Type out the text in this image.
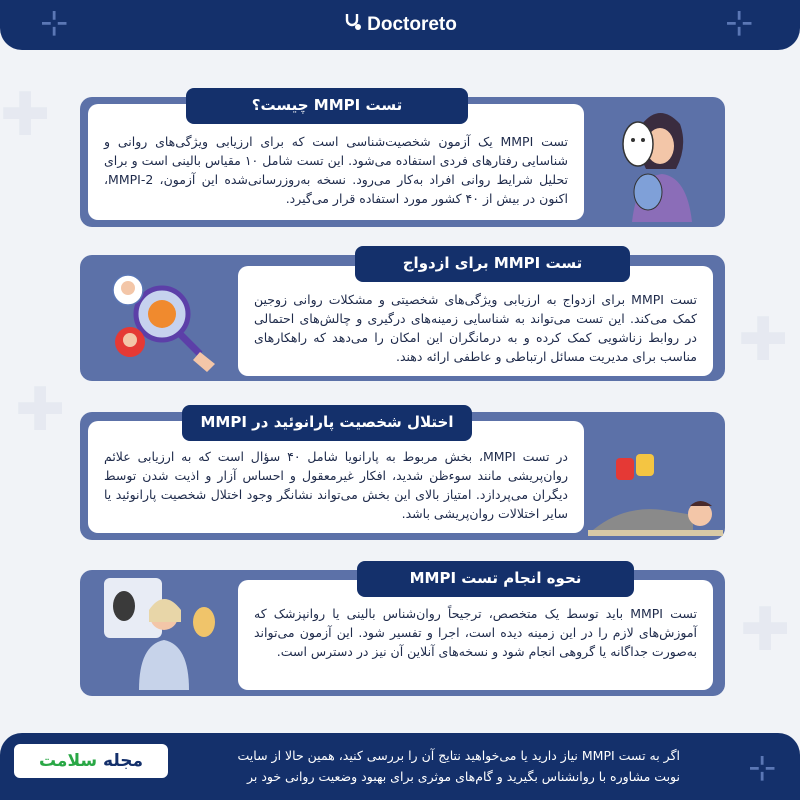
✚
✚
✚
✚
⊹	⊹
Doctoreto
تست MMPI یک آزمون شخصیت‌شناسی است که برای ارزیابی ویژگی‌های روانی و شناسایی رفتارهای فردی استفاده می‌شود. این تست شامل ۱۰ مقیاس بالینی است و برای تحلیل شرایط روانی افراد به‌کار می‌رود. نسخه به‌روزرسانی‌شده این آزمون، MMPI-2، اکنون در بیش از ۴۰ کشور مورد استفاده قرار می‌گیرد.
تست MMPI چیست؟
تست MMPI برای ازدواج به ارزیابی ویژگی‌های شخصیتی و مشکلات روانی زوجین کمک می‌کند. این تست می‌تواند به شناسایی زمینه‌های درگیری و چالش‌های احتمالی در روابط زناشویی کمک کرده و به درمانگران این امکان را می‌دهد که راهکارهای مناسب برای مدیریت مسائل ارتباطی و عاطفی ارائه دهند.
تست MMPI برای ازدواج
در تست MMPI، بخش مربوط به پارانویا شامل ۴۰ سؤال است که به ارزیابی علائم روان‌پریشی مانند سوءظن شدید، افکار غیرمعقول و احساس آزار و اذیت شدن توسط دیگران می‌پردازد. امتیاز بالای این بخش می‌تواند نشانگر وجود اختلال شخصیت پارانوئید یا سایر اختلالات روان‌پریشی باشد.
اختلال شخصیت پارانوئید در MMPI
تست MMPI باید توسط یک متخصص، ترجیحاً روان‌شناس بالینی یا روانپزشک که آموزش‌های لازم را در این زمینه دیده است، اجرا و تفسیر شود. این آزمون می‌تواند به‌صورت جداگانه یا گروهی انجام شود و نسخه‌های آنلاین آن نیز در دسترس است.
نحوه انجام تست MMPI
⊹
اگر به تست MMPI نیاز دارید یا می‌خواهید نتایج آن را بررسی کنید، همین حالا از سایت
نوبت مشاوره با روانشناس بگیرید و گام‌های موثری برای بهبود وضعیت روانی خود بر
مجله سلامت
